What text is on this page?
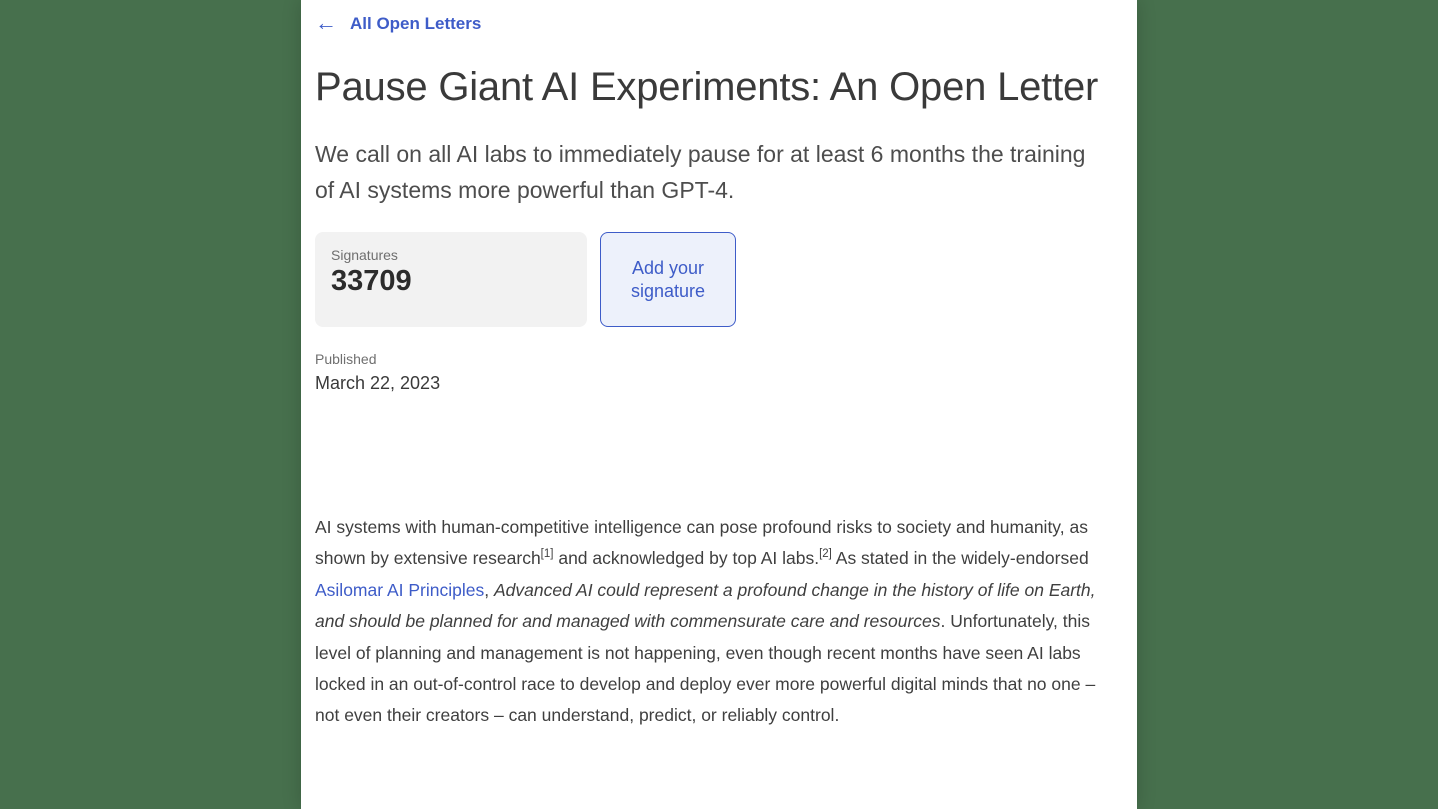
← All Open Letters
Pause Giant AI Experiments: An Open Letter

We call on all AI labs to immediately pause for at least 6 months the training of AI systems more powerful than GPT-4.

Signatures
33709	Add your signature
Published
March 22, 2023

AI systems with human-competitive intelligence can pose profound risks to society and humanity, as shown by extensive research[1] and acknowledged by top AI labs.[2] As stated in the widely-endorsed Asilomar AI Principles, Advanced AI could represent a profound change in the history of life on Earth, and should be planned for and managed with commensurate care and resources. Unfortunately, this level of planning and management is not happening, even though recent months have seen AI labs locked in an out-of-control race to develop and deploy ever more powerful digital minds that no one – not even their creators – can understand, predict, or reliably control.
